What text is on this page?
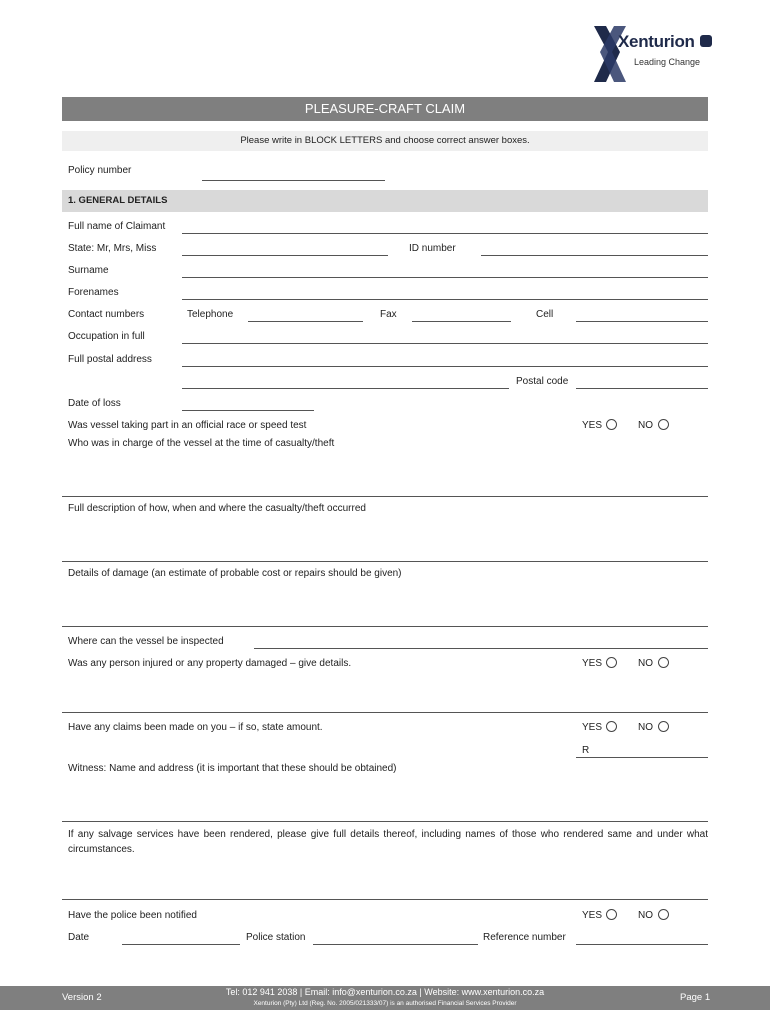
Xenturion
Leading Change
PLEASURE-CRAFT CLAIM
Please write in BLOCK LETTERS and choose correct answer boxes.
Policy number
1. GENERAL DETAILS
Full name of Claimant
State: Mr, Mrs, Miss	ID number
Surname
Forenames
Contact numbers	Telephone	Fax	Cell
Occupation in full
Full postal address
Postal code
Date of loss
Was vessel taking part in an official race or speed test	YES	NO
Who was in charge of the vessel at the time of casualty/theft
Full description of how, when and where the casualty/theft occurred
Details of damage (an estimate of probable cost or repairs should be given)
Where can the vessel be inspected
Was any person injured or any property damaged – give details.	YES	NO
Have any claims been made on you – if so, state amount.	YES	NO
R
Witness: Name and address (it is important that these should be obtained)
If any salvage services have been rendered, please give full details thereof, including names of those who rendered same and under what circumstances.
Have the police been notified	YES	NO
Date	Police station	Reference number
Version 2	Tel: 012 941 2038 | Email: info@xenturion.co.za | Website: www.xenturion.co.za
Xenturion (Pty) Ltd (Reg. No. 2005/021333/07) is an authorised Financial Services Provider
Page 1
